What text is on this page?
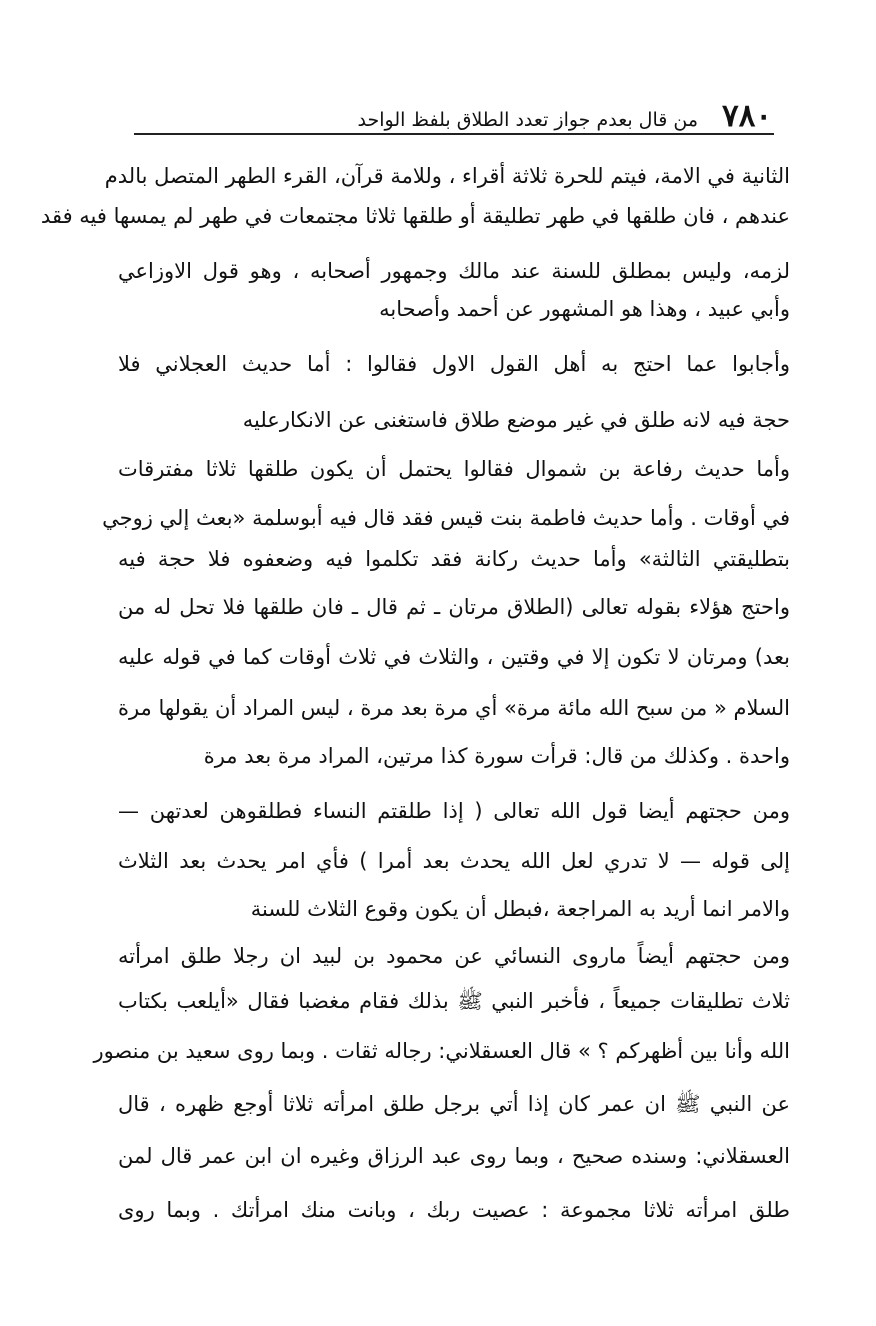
٧٨٠
من قال بعدم جواز تعدد الطلاق بلفظ الواحد
الثانية في الامة، فيتم للحرة ثلاثة أقراء ، وللامة قرآن، القرء الطهر المتصل بالدم
عندهم ، فان طلقها في طهر تطليقة أو طلقها ثلاثا مجتمعات في طهر لم يمسها فيه فقد
لزمه، وليس بمطلق للسنة عند مالك وجمهور أصحابه ، وهو قول الاوزاعي
وأبي عبيد ، وهذا هو المشهور عن أحمد وأصحابه
وأجابوا عما احتج به أهل القول الاول فقالوا : أما حديث العجلاني فلا
حجة فيه لانه طلق في غير موضع طلاق فاستغنى عن الانكارعليه
وأما حديث رفاعة بن شموال فقالوا يحتمل أن يكون طلقها ثلاثا مفترقات
في أوقات . وأما حديث فاطمة بنت قيس فقد قال فيه أبوسلمة «بعث إلي زوجي
بتطليقتي الثالثة» وأما حديث ركانة فقد تكلموا فيه وضعفوه فلا حجة فيه
واحتج هؤلاء بقوله تعالى (الطلاق مرتان ـ ثم قال ـ فان طلقها فلا تحل له من
بعد) ومرتان لا تكون إلا في وقتين ، والثلاث في ثلاث أوقات كما في قوله عليه
السلام « من سبح الله مائة مرة» أي مرة بعد مرة ، ليس المراد أن يقولها مرة
واحدة . وكذلك من قال: قرأت سورة كذا مرتين، المراد مرة بعد مرة
ومن حجتهم أيضا قول الله تعالى ( إذا طلقتم النساء فطلقوهن لعدتهن —
إلى قوله — لا تدري لعل الله يحدث بعد أمرا ) فأي امر يحدث بعد الثلاث
والامر انما أريد به المراجعة ،فبطل أن يكون وقوع الثلاث للسنة
ومن حجتهم أيضاً ماروى النسائي عن محمود بن لبيد ان رجلا طلق امرأته
ثلاث تطليقات جميعاً ، فأخبر النبي ﷺ بذلك فقام مغضبا فقال «أيلعب بكتاب
الله وأنا بين أظهركم ؟ » قال العسقلاني: رجاله ثقات . وبما روى سعيد بن منصور
عن النبي ﷺ ان عمر كان إذا أتي برجل طلق امرأته ثلاثا أوجع ظهره ، قال
العسقلاني: وسنده صحيح ، وبما روى عبد الرزاق وغيره ان ابن عمر قال لمن
طلق امرأته ثلاثا مجموعة : عصيت ربك ، وبانت منك امرأتك . وبما روى
